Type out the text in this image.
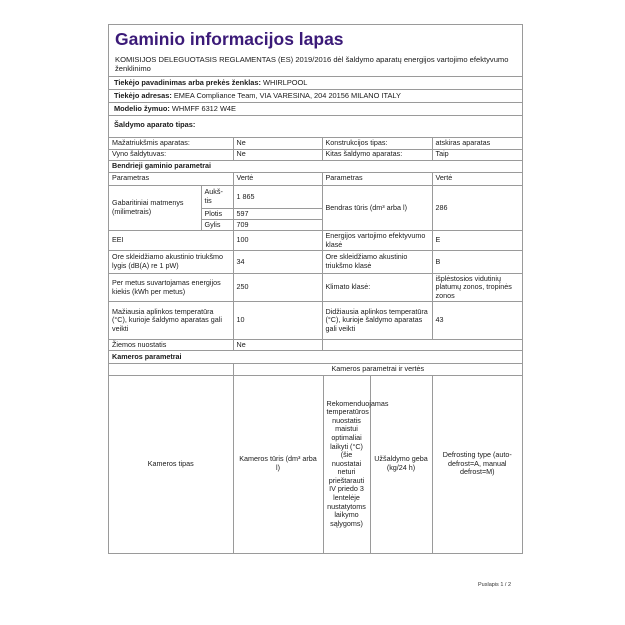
Gaminio informacijos lapas
KOMISIJOS DELEGUOTASIS REGLAMENTAS (ES) 2019/2016 dėl šaldymo aparatų energijos vartojimo efektyvumo ženklinimo
Tiekėjo pavadinimas arba prekės ženklas: WHIRLPOOL
Tiekėjo adresas: EMEA Compliance Team, VIA VARESINA, 204 20156 MILANO ITALY
Modelio žymuo: WHMFF 6312 W4E
Šaldymo aparato tipas:
Mažatriukšmis aparatas:	Ne	Konstrukcijos tipas:	atskiras aparatas
Vyno šaldytuvas:	Ne	Kitas šaldymo aparatas:	Taip
Bendrieji gaminio parametrai			
Parametras		Vertė	Parametras	Vertė
Gabaritiniai matmenys (milimetrais)	Aukš-tis	1 865	Bendras tūris (dm³ arba l)	286
	Plotis	597		
	Gylis	709		
EEI		100	Energijos vartojimo efektyvumo klasė	E
Ore skleidžiamo akustinio triukšmo lygis (dB(A) re 1 pW)		34	Ore skleidžiamo akustinio triukšmo klasė	B
Per metus suvartojamas energijos kiekis (kWh per metus)		250	Klimato klasė:	išplėstosios vidutinių platumų zonos, tropinės zonos
Mažiausia aplinkos temperatūra (°C), kurioje šaldymo aparatas gali veikti		10	Didžiausia aplinkos temperatūra (°C), kurioje šaldymo aparatas gali veikti	43
Žiemos nuostatis		Ne		
Kameros parametrai				
	Kameros parametrai ir vertės			
Kameros tipas	Kameros tūris (dm³ arba l)	Rekomenduojamas temperatūros nuostatis maistui optimaliai laikyti (°C) (šie nuostatai neturi prieštarauti IV priedo 3 lentelėje nustatytoms laikymo sąlygoms)	Užšaldymo geba (kg/24 h)	Defrosting type (auto-defrost=A, manual defrost=M)
Puslapis 1 / 2
